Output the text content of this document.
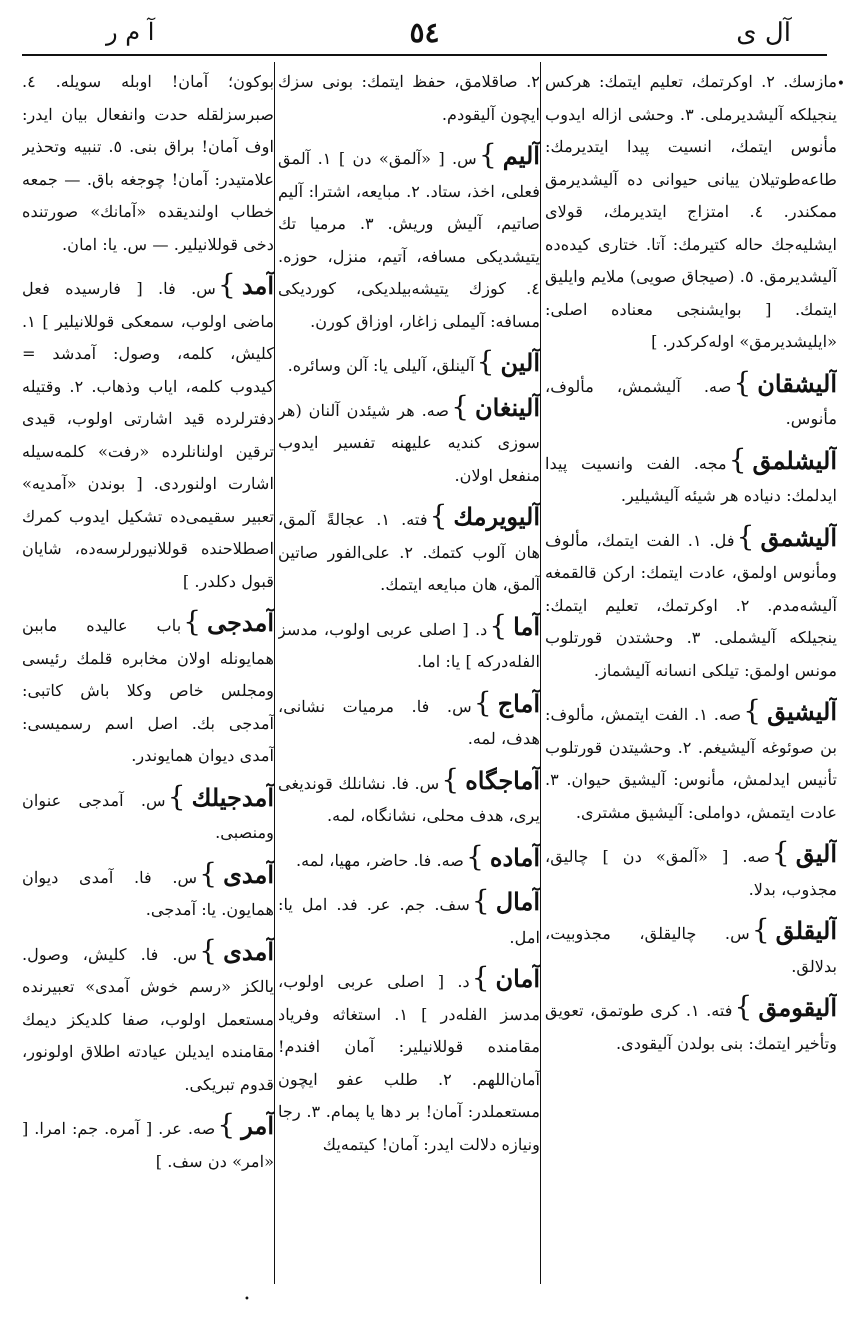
آل ی
٥٤
آ م ر

مازسك. ٢. اوكرتمك، تعليم ايتمك: هركس ينجيلكه آليشديرملى. ٣. وحشى ازاله ايدوب مأنوس ايتمك، انسيت پيدا ايتديرمك: طاعه‌طوتيلان ييانى حيوانى ده آليشديرمق ممكندر. ٤. امتزاج ايتديرمك، قولاى ايشليه‌جك حاله كتيرمك: آتا. ختارى كيده‌ده آليشديرمق. ٥. (صيجاق صويى) ملايم وايليق ايتمك. [ بوايشنجى معناده اصلى: «ايليشديرمق» اوله‌كركدر. ]

آليشقان}صه. آليشمش، مألوف، مأنوس.

آليشلمق}مجه. الفت وانسيت پيدا ايدلمك: دنياده هر شيئه آليشيلير.

آليشمق}فل. ١. الفت ايتمك، مألوف ومأنوس اولمق، عادت ايتمك: اركن قالقمغه آليشه‌مدم. ٢. اوكرتمك، تعليم ايتمك: ينجيلكه آليشملى. ٣. وحشتدن قورتلوب مونس اولمق: تيلكى انسانه آليشماز.

آليشيق}صه. ١. الفت ايتمش، مألوف: بن صوئوغه آليشيغم. ٢. وحشيتدن قورتلوب تأنيس ايدلمش، مأنوس: آليشيق حيوان. ٣. عادت ايتمش، دواملى: آليشيق مشترى.

آليق}صه. [ «آلمق» دن ] چاليق، مجذوب، بدلا.

آليقلق}س. چاليقلق، مجذوبيت، بدلالق.

آليقومق}فته. ١. كرى طوتمق، تعويق وتأخير ايتمك: بنى بولدن آليقودى.

٢. صاقلامق، حفظ ايتمك: بونى سزك ايچون آليقودم.

آليم}س. [ «آلمق» دن ] ١. آلمق فعلى، اخذ، ستاد. ٢. مبايعه، اشترا: آليم صاتيم، آليش وريش. ٣. مرميا تك يتيشديكى مسافه، آتيم، منزل، حوزه. ٤. كوزك يتيشه‌بيلديكى، كورديكى مسافه: آليملى زاغار، اوزاق كورن.

آلين}آلينلق، آليلى يا: آلن وسائره.

آلينغان}صه. هر شيئدن آلنان (هر سوزى كنديه عليهنه تفسير ايدوب منفعل اولان.

آليويرمك}فته. ١. عجالةً آلمق، هان آلوب كتمك. ٢. على‌الفور صاتين آلمق، هان مبايعه ايتمك.

آما}د. [ اصلى عربى اولوب، مدسز الفله‌دركه ] يا: اما.

آماج}س. فا. مرميات نشانى، هدف، لمه.

آماجگاه}س. فا. نشانلك قونديغى يرى، هدف محلى، نشانگاه، لمه.

آماده}صه. فا. حاضر، مهيا، لمه.

آمال}سف. جم. عر. فد. امل يا: امل.

آمان}د. [ اصلى عربى اولوب، مدسز الفله‌در ] ١. استغاثه وفرياد مقامنده قوللانيلير: آمان افندم! آمان‌اللهم. ٢. طلب عفو ايچون مستعملدر: آمان! بر دها يا پمام. ٣. رجا ونيازه دلالت ايدر: آمان! كيتمه‌يك

بوكون؛ آمان! اوبله سويله. ٤. صبرسزلقله حدت وانفعال بيان ايدر: اوف آمان! براق بنى. ٥. تنبيه وتحذير علامتيدر: آمان! چوجغه باق. — جمعه خطاب اولنديقده «آمانك» صورتنده دخى قوللانيلير. — س. يا: امان.

آمد}س. فا. [ فارسيده فعل ماضى اولوب، سمعكى قوللانيلير ] ١. كليش، كلمه، وصول: آمدشد = كيدوب كلمه، اياب وذهاب. ٢. وقتيله دفترلرده قيد اشارتى اولوب، قيدى ترقين اولنانلرده «رفت» كلمه‌سيله اشارت اولنوردى. [ بوندن «آمديه» تعبير سقيمى‌ده تشكيل ايدوب كمرك اصطلاحنده قوللانيورلرسه‌ده، شايان قبول دكلدر. ]

آمدجى}باب عاليده ماببن همايونله اولان مخابره قلمك رئيسى ومجلس خاص وكلا باش كاتبى: آمدجى بك. اصل اسم رسميسى: آمدى ديوان همايوندر.

آمدجيلك}س. آمدجى عنوان ومنصبى.

آمدى}س. فا. آمدى ديوان همايون. يا: آمدجى.

آمدى}س. فا. كليش، وصول. يالكز «رسم خوش آمدى» تعبيرنده مستعمل اولوب، صفا كلديكز ديمك مقامنده ايديلن عيادته اطلاق اولونور، قدوم تبريكى.

آمر}صه. عر. [ آمره. جم: امرا. [ «امر» دن سف. ]

•
•
